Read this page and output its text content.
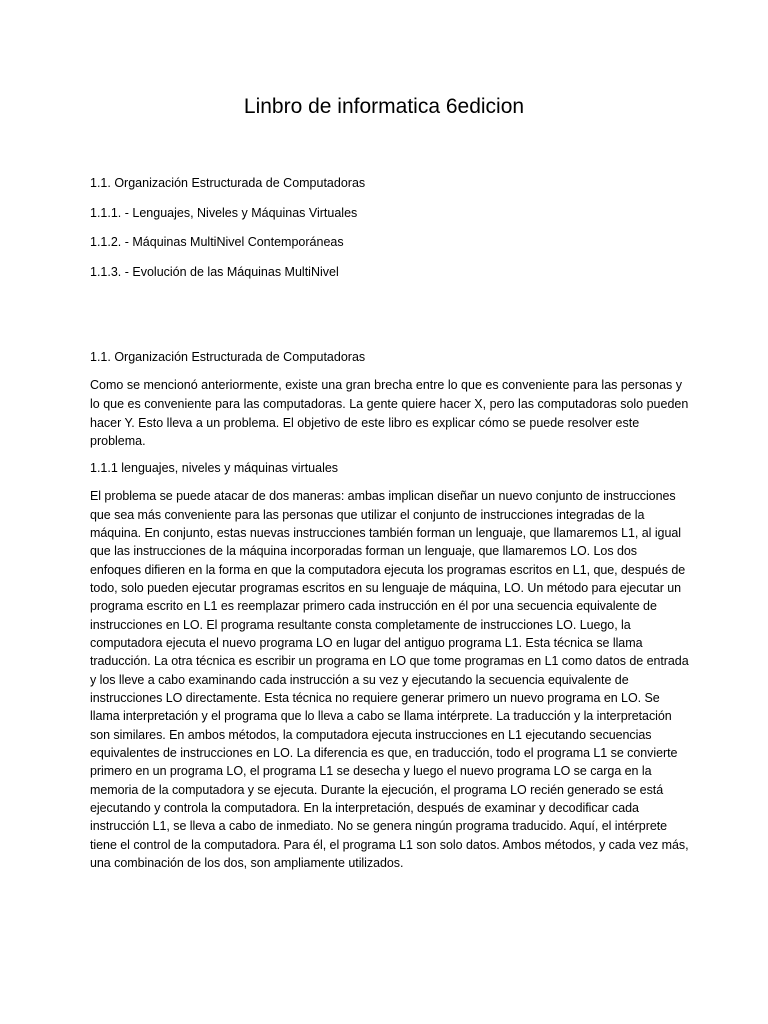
Linbro de informatica 6edicion
1.1. Organización Estructurada de Computadoras
1.1.1. - Lenguajes, Niveles y Máquinas Virtuales
1.1.2. - Máquinas MultiNivel Contemporáneas
1.1.3. - Evolución de las Máquinas MultiNivel
1.1. Organización Estructurada de Computadoras

Como se mencionó anteriormente, existe una gran brecha entre lo que es conveniente para las personas y lo que es conveniente para las computadoras. La gente quiere hacer X, pero las computadoras solo pueden hacer Y. Esto lleva a un problema. El objetivo de este libro es explicar cómo se puede resolver este problema.

1.1.1 lenguajes, niveles y máquinas virtuales

El problema se puede atacar de dos maneras: ambas implican diseñar un nuevo conjunto de instrucciones que sea más conveniente para las personas que utilizar el conjunto de instrucciones integradas de la máquina. En conjunto, estas nuevas instrucciones también forman un lenguaje, que llamaremos L1, al igual que las instrucciones de la máquina incorporadas forman un lenguaje, que llamaremos LO. Los dos enfoques difieren en la forma en que la computadora ejecuta los programas escritos en L1, que, después de todo, solo pueden ejecutar programas escritos en su lenguaje de máquina, LO. Un método para ejecutar un programa escrito en L1 es reemplazar primero cada instrucción en él por una secuencia equivalente de instrucciones en LO. El programa resultante consta completamente de instrucciones LO. Luego, la computadora ejecuta el nuevo programa LO en lugar del antiguo programa L1. Esta técnica se llama traducción. La otra técnica es escribir un programa en LO que tome programas en L1 como datos de entrada y los lleve a cabo examinando cada instrucción a su vez y ejecutando la secuencia equivalente de instrucciones LO directamente. Esta técnica no requiere generar primero un nuevo programa en LO. Se llama interpretación y el programa que lo lleva a cabo se llama intérprete. La traducción y la interpretación son similares. En ambos métodos, la computadora ejecuta instrucciones en L1 ejecutando secuencias equivalentes de instrucciones en LO. La diferencia es que, en traducción, todo el programa L1 se convierte primero en un programa LO, el programa L1 se desecha y luego el nuevo programa LO se carga en la memoria de la computadora y se ejecuta. Durante la ejecución, el programa LO recién generado se está ejecutando y controla la computadora. En la interpretación, después de examinar y decodificar cada instrucción L1, se lleva a cabo de inmediato. No se genera ningún programa traducido. Aquí, el intérprete tiene el control de la computadora. Para él, el programa L1 son solo datos. Ambos métodos, y cada vez más, una combinación de los dos, son ampliamente utilizados.
